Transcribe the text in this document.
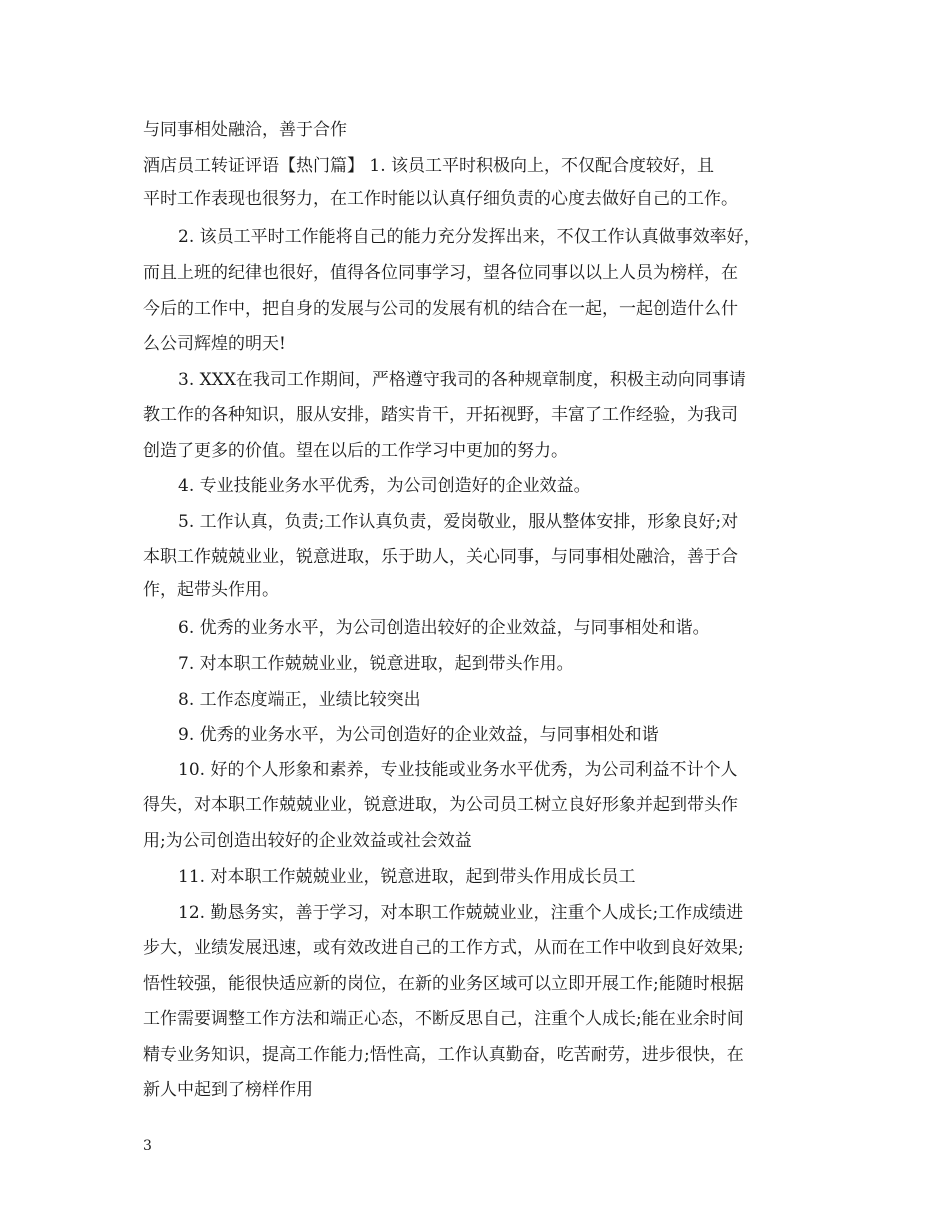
与同事相处融洽，善于合作
酒店员工转证评语【热门篇】 1. 该员工平时积极向上，不仅配合度较好，且
平时工作表现也很努力，在工作时能以认真仔细负责的心度去做好自己的工作。
2. 该员工平时工作能将自己的能力充分发挥出来，不仅工作认真做事效率好，
而且上班的纪律也很好，值得各位同事学习，望各位同事以以上人员为榜样，在
今后的工作中，把自身的发展与公司的发展有机的结合在一起，一起创造什么什
么公司辉煌的明天!
3. XXX在我司工作期间，严格遵守我司的各种规章制度，积极主动向同事请
教工作的各种知识，服从安排，踏实肯干，开拓视野，丰富了工作经验，为我司
创造了更多的价值。望在以后的工作学习中更加的努力。
4. 专业技能业务水平优秀，为公司创造好的企业效益。
5. 工作认真，负责;工作认真负责，爱岗敬业，服从整体安排，形象良好;对
本职工作兢兢业业，锐意进取，乐于助人，关心同事，与同事相处融洽，善于合
作，起带头作用。
6. 优秀的业务水平，为公司创造出较好的企业效益，与同事相处和谐。
7. 对本职工作兢兢业业，锐意进取，起到带头作用。
8. 工作态度端正，业绩比较突出
9. 优秀的业务水平，为公司创造好的企业效益，与同事相处和谐
10. 好的个人形象和素养，专业技能或业务水平优秀，为公司利益不计个人
得失，对本职工作兢兢业业，锐意进取，为公司员工树立良好形象并起到带头作
用;为公司创造出较好的企业效益或社会效益
11. 对本职工作兢兢业业，锐意进取，起到带头作用成长员工
12. 勤恳务实，善于学习，对本职工作兢兢业业，注重个人成长;工作成绩进
步大，业绩发展迅速，或有效改进自己的工作方式，从而在工作中收到良好效果;
悟性较强，能很快适应新的岗位，在新的业务区域可以立即开展工作;能随时根据
工作需要调整工作方法和端正心态，不断反思自己，注重个人成长;能在业余时间
精专业务知识，提高工作能力;悟性高，工作认真勤奋，吃苦耐劳，进步很快，在
新人中起到了榜样作用
3
